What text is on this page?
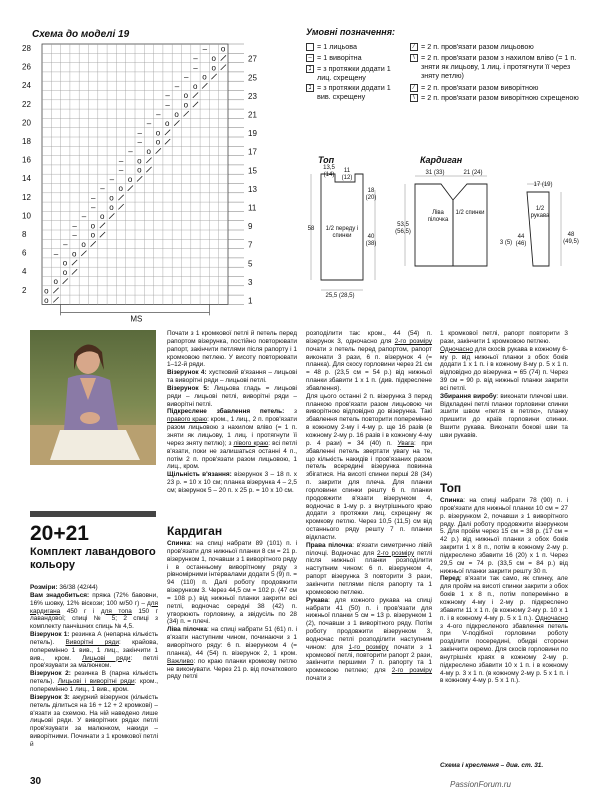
Схема до моделі 19
o
o
o
o
o
o
–
o
–
o
–
o
–
o
–
o
–
o
–
o
–
o
–
o
–
o
–
o
–
o
–
o
–
o
–
o
–
o
–
o
–
o
–
o
–
o
–
o
–
o
–
28
26
24
22
20
18
16
14
12
10
8
6
4
2
27
25
23
21
19
17
15
13
11
9
7
5
3
1
MS
Умовні позначення:
= 1 лицьова
– = 1 виворітна
ℷ = з протяжки додати 1 лиц. схрещену
ℷ = з протяжки додати 1 вив. схрещену
⁄ = 2 п. пров'язати разом лицьовою
\ = 2 п. пров'язати разом з нахилом вліво (= 1 п. зняти як лицьову, 1 лиц. і протягнути її через зняту петлю)
⁄ = 2 п. пров'язати разом виворітною
\ = 2 п. пров'язати разом виворітною схрещеною
Топ	Кардиган
1/2 переду і спинки
13,5 (14)
11 (12)
18 (20)
58
40 (38)
25,5 (28,5)
Ліва пілочка
1/2 спинки
1/2 рукава
31 (33)	21 (24)
3 (5)
53,5 (56,5)
17 (19)
44 (46)
48 (49,5)
20+21
Комплект лавандового кольору
Розміри: 36/38 (42/44)
Вам знадобиться: пряжа (72% бавовни, 16% шовку, 12% віскози; 100 м/50 г) – для кардигана 450 г і для топа 150 г лавандової; спиці № 5; 2 спиці з комплекту панчішних спиць № 4,5.
Візерунок 1: резинка А (непарна кількість петель). Виворітні ряди: крайова, поперемінно 1 вив., 1 лиц., закінчити 1 вив., кром. Лицьові ряди: петлі пров'язувати за малюнком.
Візерунок 2: резинка В (парна кількість петель). Лицьові і виворітні ряди: кром., поперемінно 1 лиц., 1 вив., кром.
Візерунок 3: ажурний візерунок (кількість петель ділиться на 16 + 12 + 2 кромкові) – в'язати за схемою. На ній наведено лише лицьові ряди. У виворітних рядах петлі пров'язувати за малюнком, накиди – виворітними. Починати з 1 кромкової петлі й
Почати з 1 кромкової петлі й петель перед рапортом візерунка, постійно повторювати рапорт, закінчити петлями після рапорту і 1 кромковою петлею. У висоту повторювати 1–12-й ряди.
Візерунок 4: хустковий в'язання – лицьові та виворітні ряди – лицьові петлі.
Візерунок 5: Лицьова гладь = лицьові ряди – лицьові петлі, виворітні ряди – виворітні петлі.
Підкреслене збавлення петель: з правого краю: кром., 1 лиц., 2 п. пров'язати разом лицьовою з нахилом вліво (= 1 п. зняти як лицьову, 1 лиц. і протягнути її через зняту петлю); з лівого краю: всі петлі в'язати, поки не залишаться останні 4 п., потім 2 п. пров'язати разом лицьовою, 1 лиц., кром.
Щільність в'язання: візерунок 3 – 18 п. х 23 р. = 10 х 10 см; планка візерунка 4 – 2,5 см; візерунок 5 – 20 п. х 25 р. = 10 х 10 см.
Кардиган
Спинка: на спиці набрати 89 (101) п. і пров'язати для нижньої планки 8 см = 21 р. візерунком 1, почавши з 1 виворітного ряду і в останньому виворітному ряду з рівномірними інтервалами додати 5 (9) п. = 94 (110) п. Далі роботу продовжити візерунком 3. Через 44,5 см = 102 р. (47 см = 108 р.) від нижньої планки закрити всі петлі, водночас середні 38 (42) п. утворюють горловину, а звідусіль по 28 (34) п. = плечі.
Ліва пілочка: на спиці набрати 51 (61) п. і в'язати наступним чином, починаючи з 1 виворітного ряду: 6 п. візерунком 4 (= планка), 44 (54) п. візерунок 2, 1 кром. Важливо: по краю планки кромкову петлю не виконувати. Через 21 р. від початкового ряду петлі
розподілити так: кром., 44 (54) п. візерунок 3, одночасно для 2-го розміру почати з петель перед рапортом, рапорт виконати 3 рази, 6 п. візерунок 4 (= планка). Для скосу горловини через 21 см = 48 р. (23,5 см = 54 р.) від нижньої планки збавити 1 х 1 п. (див. підкреслене збавлення).
Для цього останні 2 п. візерунка 3 перед планкою пров'язати разом лицьовою чи виворітною відповідно до візерунка. Такі збавлення петель повторити поперемінно в кожному 2-му і 4-му р. ще 16 разів (в кожному 2-му р. 16 разів і в кожному 4-му р. 4 рази) = 34 (40) п. Увага: при збавленні петель звертати увагу на те, що кількість накидів і пров'язаних разом петель всередині візерунка повинна збігатися. На висоті спинки перші 28 (34) п. закрити для плеча. Для планки горловини спинки решту 6 п. планки продовжити в'язати візерунком 4, водночас в 1-му р. з внутрішнього краю додати з протяжки лиц. схрещену як кромкову петлю. Через 10,5 (11,5) см від останнього ряду решту 7 п. планки відкласти.
Права пілочка: в'язати симетрично лівій пілочці. Водночас для 2-го розміру петлі після нижньої планки розподілити наступним чином: 6 п. візерунком 4, рапорт візерунка 3 повторити 3 рази, закінчити петлями після рапорту та 1 кромковою петлею.
Рукава: для кожного рукава на спиці набрати 41 (50) п. і пров'язати для нижньої планки 5 см = 13 р. візерунком 1 (2), почавши з 1 виворітного ряду. Потім роботу продовжити візерунком 3, водночас петлі розподілити наступним чином: для 1-го розміру почати з 1 кромкової петлі, повторити рапорт 2 рази, закінчити першими 7 п. рапорту та 1 кромковою петлею; для 2-го розміру почати з
1 кромкової петлі, рапорт повторити 3 рази, закінчити 1 кромковою петлею.
Одночасно для скосів рукава в кожному 6-му р. від нижньої планки з обох боків додати 1 х 1 п. і в кожному 8-му р. 5 х 1 п. відповідно до візерунка = 65 (74) п. Через 39 см = 90 р. від нижньої планки закрити всі петлі.
Збирання виробу: виконати плечові шви. Відкладені петлі планки горловини спинки зшити швом «петля в петлю», планку пришити до країв горловини спинки. Вшити рукава. Виконати бокові шви та шви рукавів.
Топ
Спинка: на спиці набрати 78 (90) п. і пров'язати для нижньої планки 10 см = 27 р. візерунком 2, почавши з 1 виворітного ряду. Далі роботу продовжити візерунком 5. Для пройм через 15 см = 38 р. (17 см = 42 р.) від нижньої планки з обох боків закрити 1 х 8 п., потім в кожному 2-му р. підкреслено збавити 16 (20) х 1 п. Через 29,5 см = 74 р. (33,5 см = 84 р.) від нижньої планки закрити решту 30 п.
Перед: в'язати так само, як спинку, але для пройм на висоті спинки закрити з обох боків 1 х 8 п., потім поперемінно в кожному 4-му і 2-му р. підкреслено збавити 11 х 1 п. (в кожному 2-му р. 10 х 1 п. і в кожному 4-му р. 5 х 1 п.). Одночасно з 4-ого підкресленого збавлення петель при V-подібної горловини роботу розділити посередині, обидві сторони закінчити окремо. Для скосів горловини по внутрішніх краях в кожному 2-му р. підкреслено збавити 10 х 1 п. і в кожному 4-му р. 3 х 1 п. (в кожному 2-му р. 5 х 1 п. і в кожному 4-му р. 5 х 1 п.).
Схема і креслення – див. ст. 31.
30	PassionForum.ru
